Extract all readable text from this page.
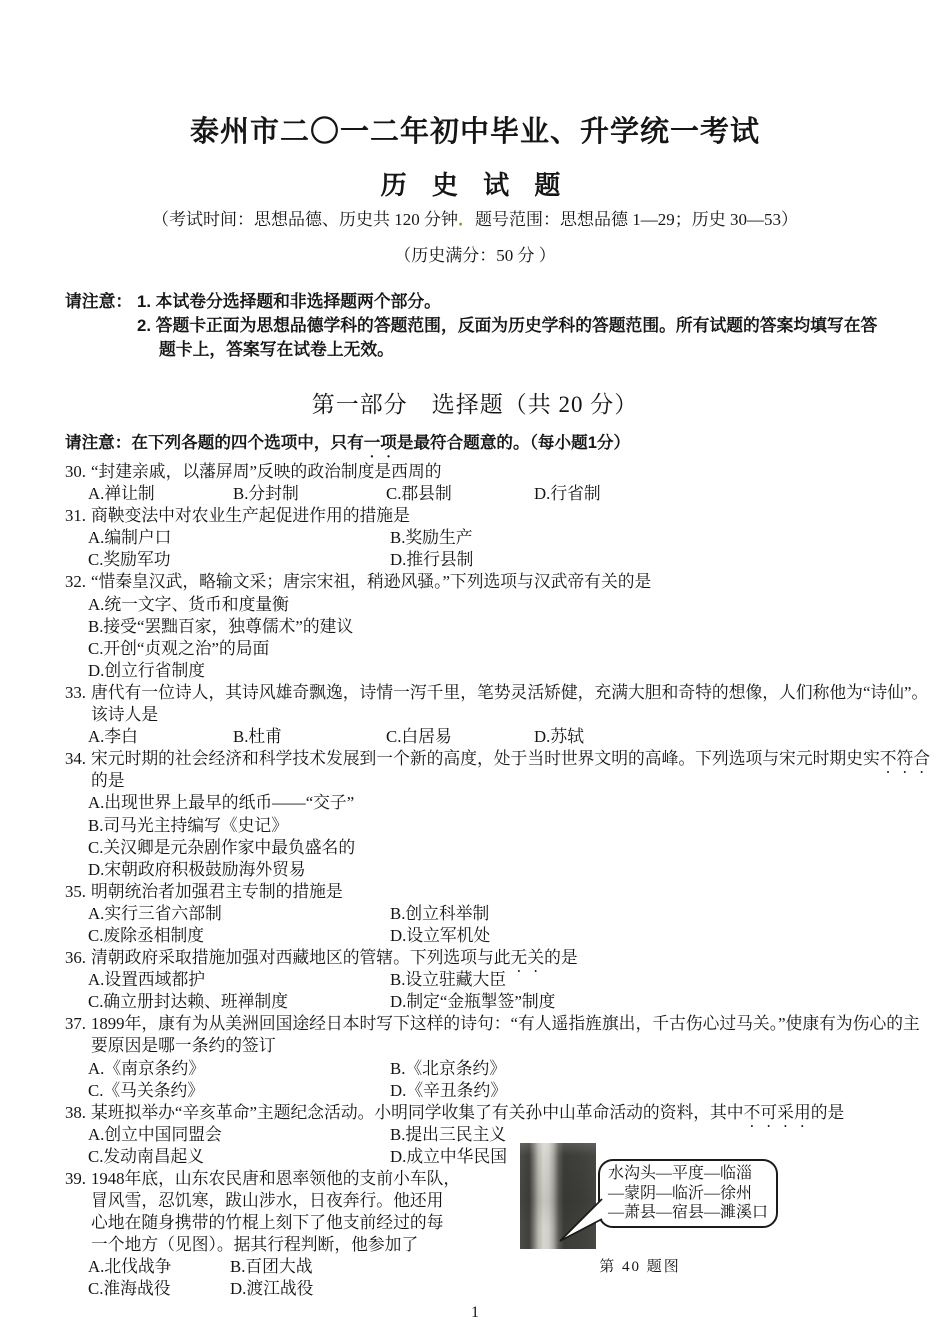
泰州市二〇一二年初中毕业、升学统一考试
历 史 试 题
（考试时间：思想品德、历史共 120 分钟．题号范围：思想品德 1—29；历史 30—53）
（历史满分：50 分 ）
请注意： 1. 本试卷分选择题和非选择题两个部分。
2. 答题卡正面为思想品德学科的答题范围，反面为历史学科的答题范围。所有试题的答案均填写在答
题卡上，答案写在试卷上无效。
第一部分　选择题（共 20 分）
请注意：在下列各题的四个选项中，只有一项是最符合题意的。（每小题1分）
30. “封建亲戚，以藩屏周”反映的政治制度是西周的
A.禅让制	B.分封制	C.郡县制	D.行省制
31. 商鞅变法中对农业生产起促进作用的措施是
A.编制户口	B.奖励生产
C.奖励军功	D.推行县制
32. “惜秦皇汉武，略输文采；唐宗宋祖，稍逊风骚。”下列选项与汉武帝有关的是
A.统一文字、货币和度量衡
B.接受“罢黜百家，独尊儒术”的建议
C.开创“贞观之治”的局面
D.创立行省制度
33. 唐代有一位诗人，其诗风雄奇飘逸，诗情一泻千里，笔势灵活矫健，充满大胆和奇特的想像，人们称他为“诗仙”。
该诗人是
A.李白	B.杜甫	C.白居易	D.苏轼
34. 宋元时期的社会经济和科学技术发展到一个新的高度，处于当时世界文明的高峰。下列选项与宋元时期史实不符合
的是
A.出现世界上最早的纸币——“交子”
B.司马光主持编写《史记》
C.关汉卿是元杂剧作家中最负盛名的
D.宋朝政府积极鼓励海外贸易
35. 明朝统治者加强君主专制的措施是
A.实行三省六部制	B.创立科举制
C.废除丞相制度	D.设立军机处
36. 清朝政府采取措施加强对西藏地区的管辖。下列选项与此无关的是
A.设置西域都护	B.设立驻藏大臣
C.确立册封达赖、班禅制度	D.制定“金瓶掣签”制度
37. 1899年，康有为从美洲回国途经日本时写下这样的诗句：“有人遥指旌旗出，千古伤心过马关。”使康有为伤心的主
要原因是哪一条约的签订
A.《南京条约》	B.《北京条约》
C.《马关条约》	D.《辛丑条约》
38. 某班拟举办“辛亥革命”主题纪念活动。小明同学收集了有关孙中山革命活动的资料，其中不可采用的是
A.创立中国同盟会	B.提出三民主义
C.发动南昌起义	D.成立中华民国
39. 1948年底，山东农民唐和恩率领他的支前小车队，
冒风雪，忍饥寒，跋山涉水，日夜奔行。他还用
心地在随身携带的竹棍上刻下了他支前经过的每
一个地方（见图）。据其行程判断，他参加了
A.北伐战争	B.百团大战
C.淮海战役	D.渡江战役
水沟头—平度—临淄
—蒙阴—临沂—徐州
—萧县—宿县—濉溪口
第 40 题图
1
